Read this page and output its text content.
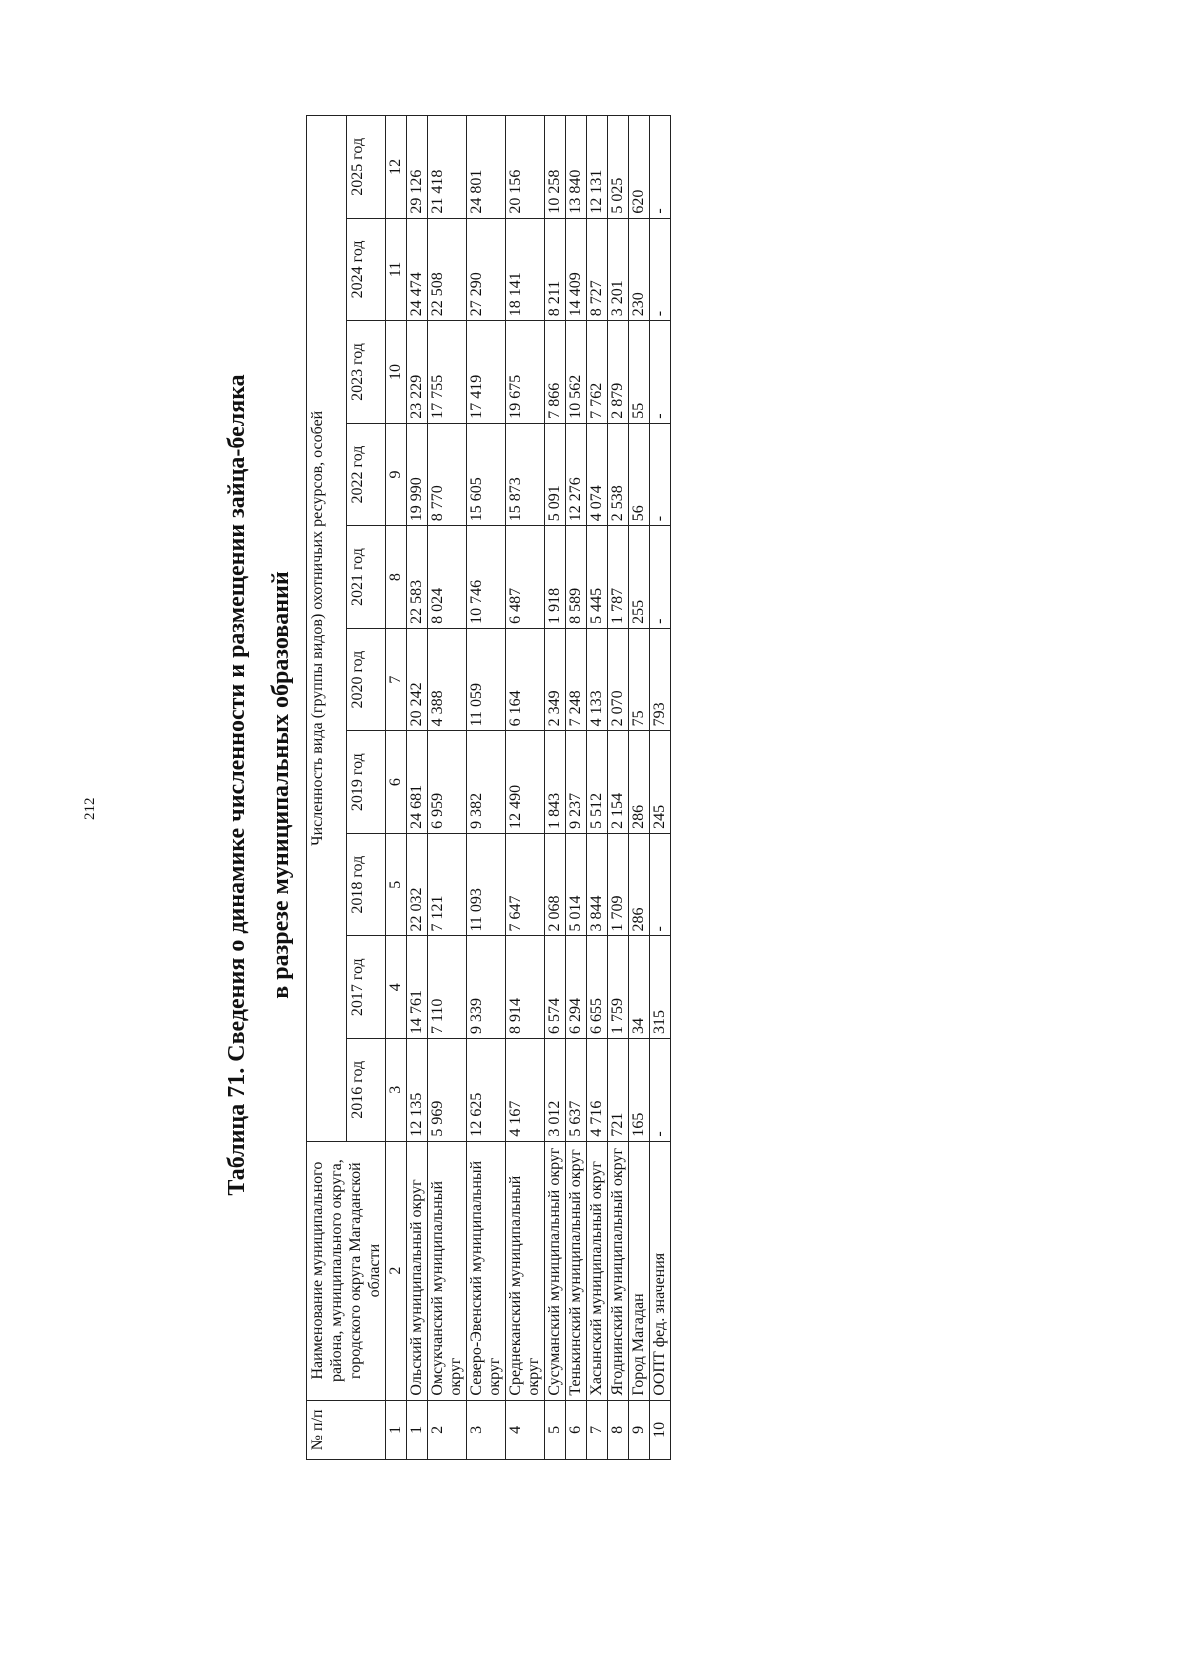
212	Таблица 71. Сведения о динамике численности и размещении зайца-беляка в разрезе муниципальных образований

№ п/п	Наименование муниципального района, муниципального округа, городского округа Магаданской области	Численность вида (группы видов) охотничьих ресурсов, особей									
		2016 год	2017 год	2018 год	2019 год	2020 год	2021 год	2022 год	2023 год	2024 год	2025 год
1	2	3	4	5	6	7	8	9	10	11	12
1	Ольский муниципальный округ	12 135	14 761	22 032	24 681	20 242	22 583	19 990	23 229	24 474	29 126
2	Омсукчанский муниципальный округ	5 969	7 110	7 121	6 959	4 388	8 024	8 770	17 755	22 508	21 418
3	Северо-Эвенский муниципальный округ	12 625	9 339	11 093	9 382	11 059	10 746	15 605	17 419	27 290	24 801
4	Среднеканский муниципальный округ	4 167	8 914	7 647	12 490	6 164	6 487	15 873	19 675	18 141	20 156
5	Сусуманский муниципальный округ	3 012	6 574	2 068	1 843	2 349	1 918	5 091	7 866	8 211	10 258
6	Тенькинский муниципальный округ	5 637	6 294	5 014	9 237	7 248	8 589	12 276	10 562	14 409	13 840
7	Хасынский муниципальный округ	4 716	6 655	3 844	5 512	4 133	5 445	4 074	7 762	8 727	12 131
8	Ягоднинский муниципальный округ	721	1 759	1 709	2 154	2 070	1 787	2 538	2 879	3 201	5 025
9	Город Магадан	165	34	286	286	75	255	56	55	230	620
10	ООПТ фед. значения	-	315	-	245	793	-	-	-	-	-
